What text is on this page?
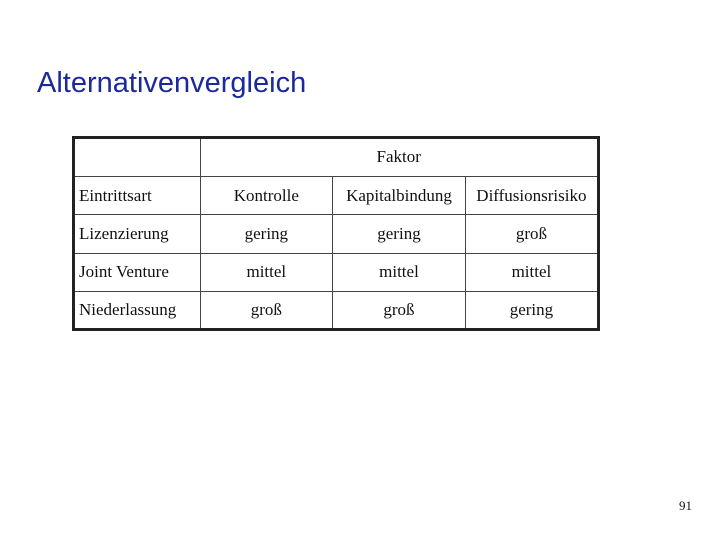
Alternativenvergleich
	Faktor		
Eintrittsart	Kontrolle	Kapitalbindung	Diffusionsrisiko
Lizenzierung	gering	gering	groß
Joint Venture	mittel	mittel	mittel
Niederlassung	groß	groß	gering
91
